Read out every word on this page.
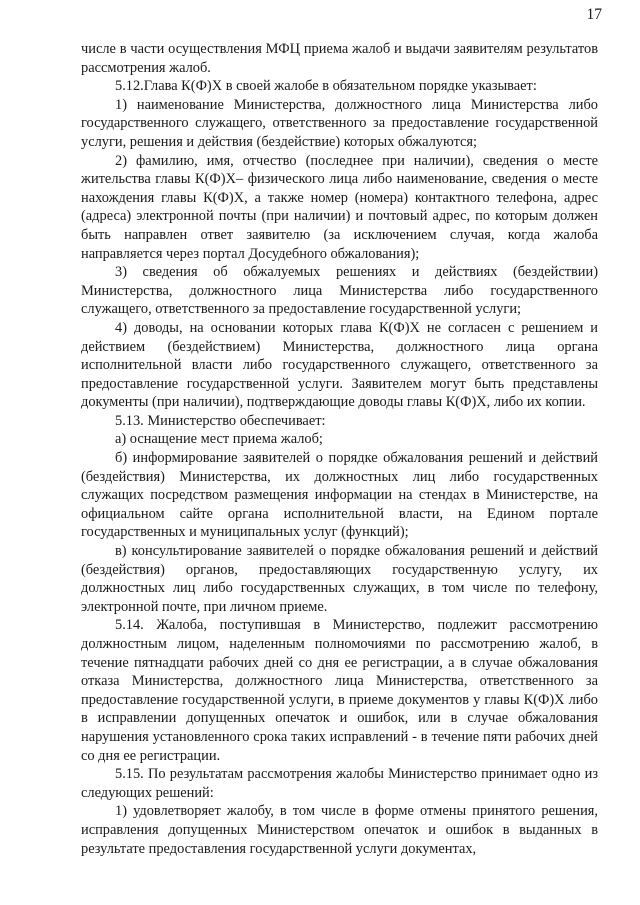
17

числе в части осуществления МФЦ приема жалоб и выдачи заявителям результатов рассмотрения жалоб.

5.12.Глава К(Ф)Х в своей жалобе в обязательном порядке указывает:

1) наименование Министерства, должностного лица Министерства либо государственного служащего, ответственного за предоставление государственной услуги, решения и действия (бездействие) которых обжалуются;

2) фамилию, имя, отчество (последнее при наличии), сведения о месте жительства главы К(Ф)Х– физического лица либо наименование, сведения о месте нахождения главы К(Ф)Х, а также номер (номера) контактного телефона, адрес (адреса) электронной почты (при наличии) и почтовый адрес, по которым должен быть направлен ответ заявителю (за исключением случая, когда жалоба направляется через портал Досудебного обжалования);

3) сведения об обжалуемых решениях и действиях (бездействии) Министерства, должностного лица Министерства либо государственного служащего, ответственного за предоставление государственной услуги;

4) доводы, на основании которых глава К(Ф)Х не согласен с решением и действием (бездействием) Министерства, должностного лица органа исполнительной власти либо государственного служащего, ответственного за предоставление государственной услуги. Заявителем могут быть представлены документы (при наличии), подтверждающие доводы главы К(Ф)Х, либо их копии.

5.13. Министерство обеспечивает:

а) оснащение мест приема жалоб;

б) информирование заявителей о порядке обжалования решений и действий (бездействия) Министерства, их должностных лиц либо государственных служащих посредством размещения информации на стендах в Министерстве, на официальном сайте органа исполнительной власти, на Едином портале государственных и муниципальных услуг (функций);

в) консультирование заявителей о порядке обжалования решений и действий (бездействия) органов, предоставляющих государственную услугу, их должностных лиц либо государственных служащих, в том числе по телефону, электронной почте, при личном приеме.

5.14. Жалоба, поступившая в Министерство, подлежит рассмотрению должностным лицом, наделенным полномочиями по рассмотрению жалоб, в течение пятнадцати рабочих дней со дня ее регистрации, а в случае обжалования отказа Министерства, должностного лица Министерства, ответственного за предоставление государственной услуги, в приеме документов у главы К(Ф)Х либо в исправлении допущенных опечаток и ошибок, или в случае обжалования нарушения установленного срока таких исправлений - в течение пяти рабочих дней со дня ее регистрации.

5.15. По результатам рассмотрения жалобы Министерство принимает одно из следующих решений:

1) удовлетворяет жалобу, в том числе в форме отмены принятого решения, исправления допущенных Министерством опечаток и ошибок в выданных в результате предоставления государственной услуги документах,
